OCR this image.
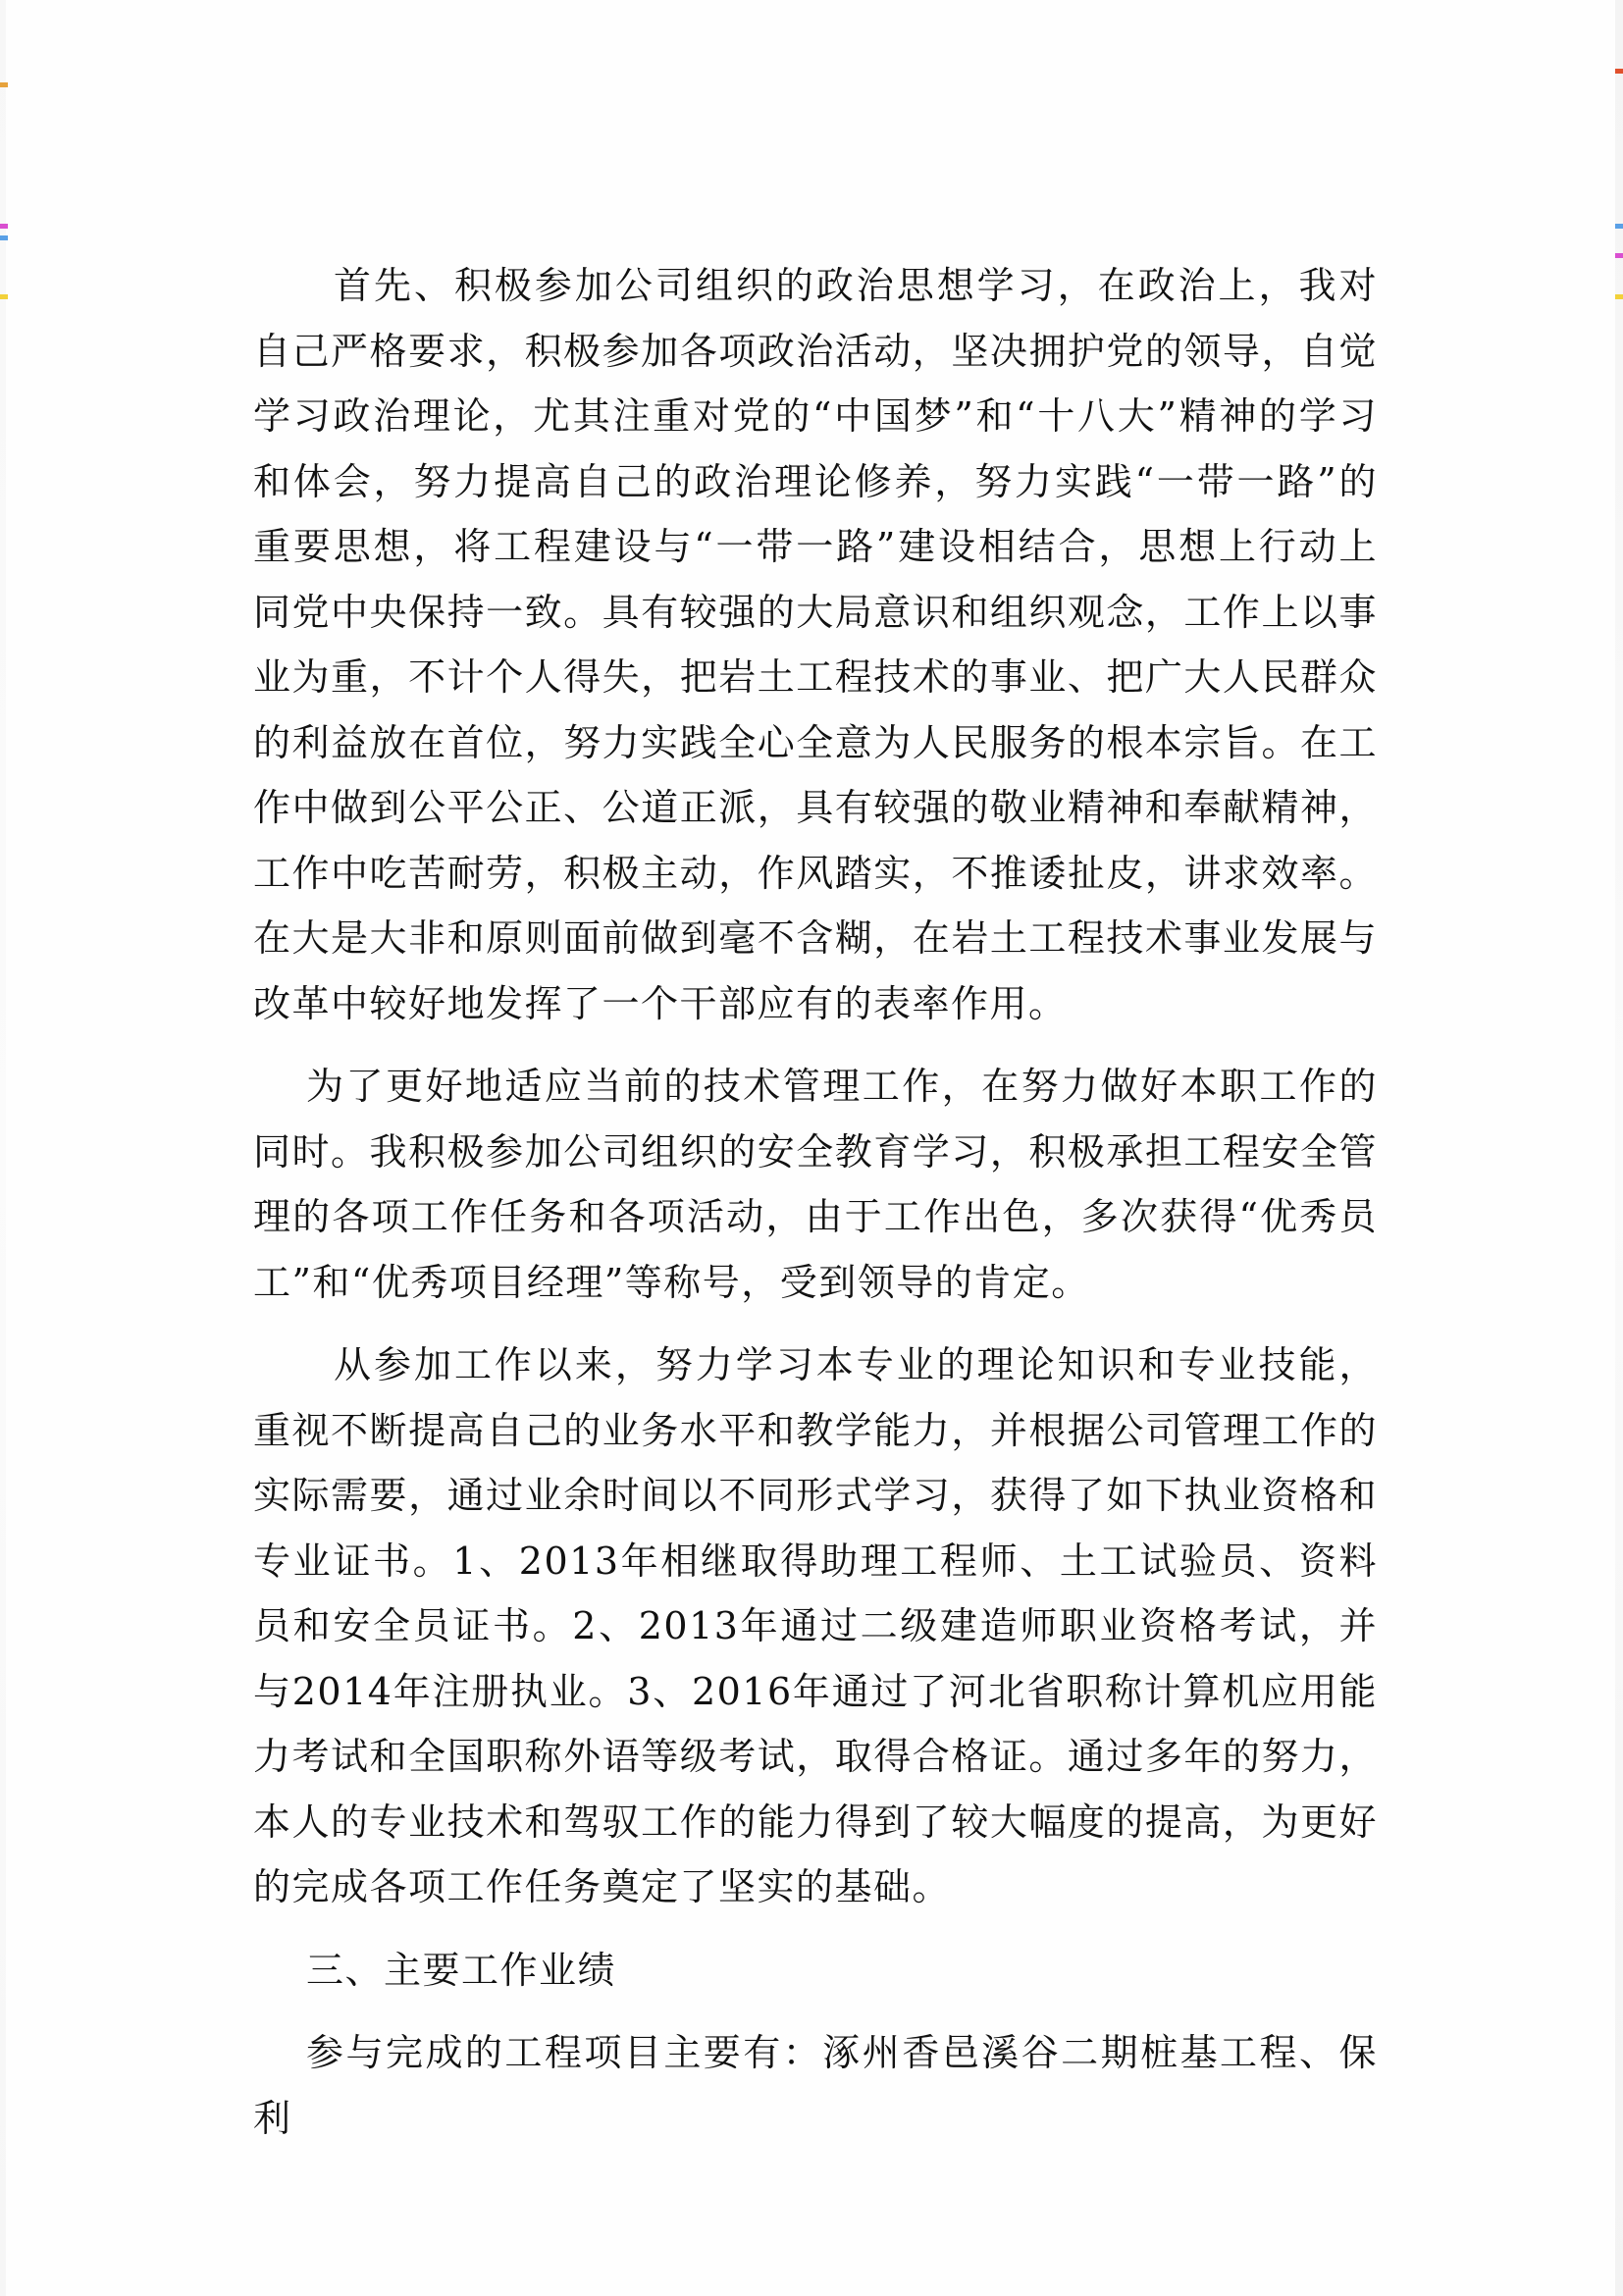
首先、积极参加公司组织的政治思想学习，在政治上，我对自己严格要求，积极参加各项政治活动，坚决拥护党的领导，自觉学习政治理论，尤其注重对党的“中国梦”和“十八大”精神的学习和体会，努力提高自己的政治理论修养，努力实践“一带一路”的重要思想，将工程建设与“一带一路”建设相结合，思想上行动上同党中央保持一致。具有较强的大局意识和组织观念，工作上以事业为重，不计个人得失，把岩土工程技术的事业、把广大人民群众的利益放在首位，努力实践全心全意为人民服务的根本宗旨。在工作中做到公平公正、公道正派，具有较强的敬业精神和奉献精神，工作中吃苦耐劳，积极主动，作风踏实，不推诿扯皮，讲求效率。在大是大非和原则面前做到毫不含糊，在岩土工程技术事业发展与改革中较好地发挥了一个干部应有的表率作用。

为了更好地适应当前的技术管理工作，在努力做好本职工作的同时。我积极参加公司组织的安全教育学习，积极承担工程安全管理的各项工作任务和各项活动，由于工作出色，多次获得“优秀员工”和“优秀项目经理”等称号，受到领导的肯定。

从参加工作以来，努力学习本专业的理论知识和专业技能，重视不断提高自己的业务水平和教学能力，并根据公司管理工作的实际需要，通过业余时间以不同形式学习，获得了如下执业资格和专业证书。1、2013年相继取得助理工程师、土工试验员、资料员和安全员证书。2、2013年通过二级建造师职业资格考试，并与2014年注册执业。3、2016年通过了河北省职称计算机应用能力考试和全国职称外语等级考试，取得合格证。通过多年的努力，本人的专业技术和驾驭工作的能力得到了较大幅度的提高，为更好的完成各项工作任务奠定了坚实的基础。

三、主要工作业绩

参与完成的工程项目主要有：涿州香邑溪谷二期桩基工程、保利
